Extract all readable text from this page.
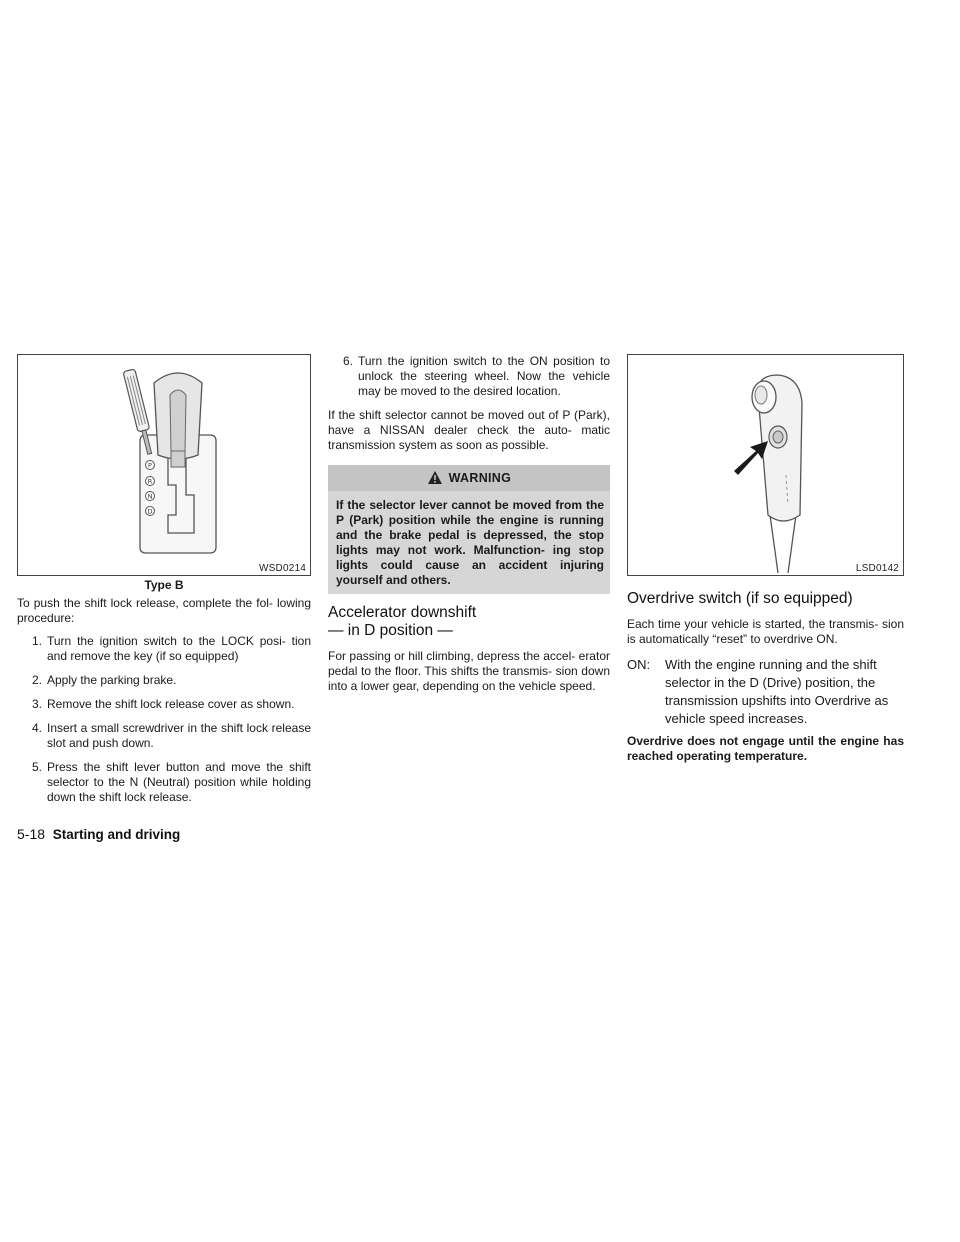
P
R
N
D
WSD0214
Type B

To push the shift lock release, complete the fol- lowing procedure:

1. Turn the ignition switch to the LOCK posi- tion and remove the key (if so equipped)
2. Apply the parking brake.
3. Remove the shift lock release cover as shown.
4. Insert a small screwdriver in the shift lock release slot and push down.
5. Press the shift lever button and move the shift selector to the N (Neutral) position while holding down the shift lock release.
6. Turn the ignition switch to the ON position to unlock the steering wheel. Now the vehicle may be moved to the desired location.

If the shift selector cannot be moved out of P (Park), have a NISSAN dealer check the auto- matic transmission system as soon as possible.

WARNING
If the selector lever cannot be moved from the P (Park) position while the engine is running and the brake pedal is depressed, the stop lights may not work. Malfunction- ing stop lights could cause an accident injuring yourself and others.
Accelerator downshift
— in D position —

For passing or hill climbing, depress the accel- erator pedal to the floor. This shifts the transmis- sion down into a lower gear, depending on the vehicle speed.

LSD0142
Overdrive switch (if so equipped)

Each time your vehicle is started, the transmis- sion is automatically “reset” to overdrive ON.

ON:	With the engine running and the shift selector in the D (Drive) position, the transmission upshifts into Overdrive as vehicle speed increases.

Overdrive does not engage until the engine has reached operating temperature.

5-18 Starting and driving
